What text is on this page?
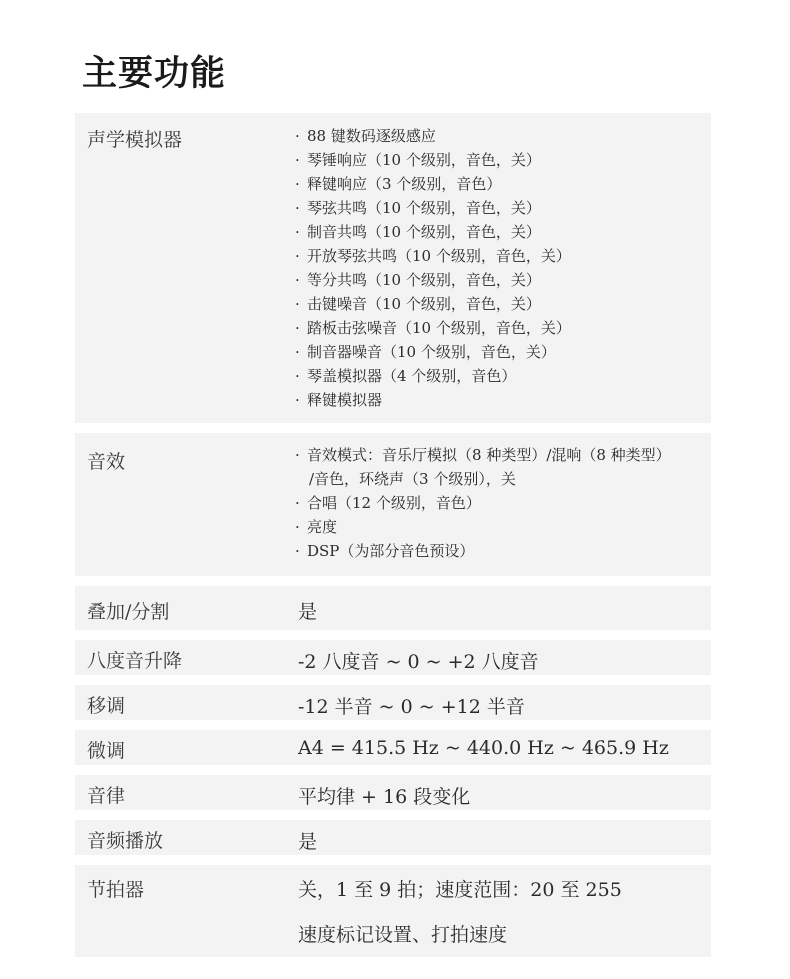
主要功能
声学模拟器	· 88 键数码逐级感应
· 琴锤响应（10 个级别，音色，关）
· 释键响应（3 个级别，音色）
· 琴弦共鸣（10 个级别，音色，关）
· 制音共鸣（10 个级别，音色，关）
· 开放琴弦共鸣（10 个级别，音色，关）
· 等分共鸣（10 个级别，音色，关）
· 击键噪音（10 个级别，音色，关）
· 踏板击弦噪音（10 个级别，音色，关）
· 制音器噪音（10 个级别，音色，关）
· 琴盖模拟器（4 个级别，音色）
· 释键模拟器
音效	· 音效模式：音乐厅模拟（8 种类型）/混响（8 种类型）
/音色，环绕声（3 个级别），关
· 合唱（12 个级别，音色）
· 亮度
· DSP（为部分音色预设）
叠加/分割	是
八度音升降	-2 八度音 ~ 0 ~ +2 八度音
移调	-12 半音 ~ 0 ~ +12 半音
微调	A4 = 415.5 Hz ~ 440.0 Hz ~ 465.9 Hz
音律	平均律 + 16 段变化
音频播放	是
节拍器	关，1 至 9 拍；速度范围：20 至 255
速度标记设置、打拍速度
